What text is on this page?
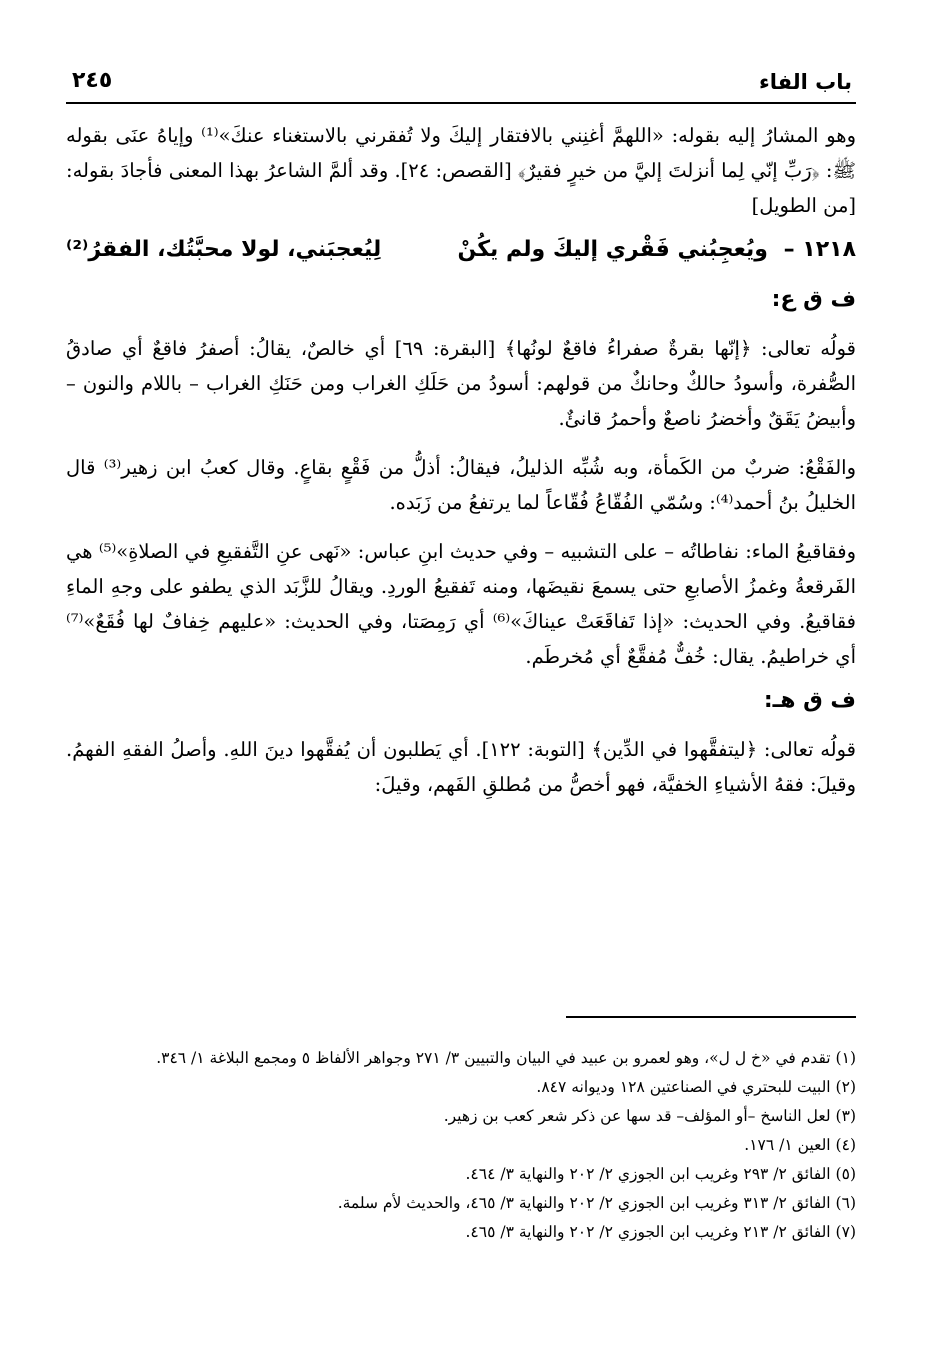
باب الفاء
٢٤٥

وهو المشارُ إليه بقوله: «اللهمَّ أغنِني بالافتقار إليكَ ولا تُفقرني بالاستغناء عنكَ»⁽¹⁾ وإياهُ عنَى بقوله ﷺ: ﴿رَبِّ إنّي لِما أنزلتَ إليَّ من خيرٍ فقيرٌ﴾ [القصص: ٢٤]. وقد ألمَّ الشاعرُ بهذا المعنى فأجادَ بقوله: [من الطويل]

١٢١٨ – ويُعجِبُني فَقْري إليكَ ولم يكُنْ
لِيُعجبَني، لولا محبَّتُك، الفقرُ⁽²⁾
ف ق ع:

قولُه تعالى: ﴿إنّها بقرةٌ صفراءُ فاقعٌ لونُها﴾ [البقرة: ٦٩] أي خالصٌ، يقالُ: أصفرُ فاقعٌ أي صادقُ الصُّفرة، وأسودُ حالكٌ وحانكٌ من قولهم: أسودُ من حَلَكِ الغراب ومن حَنَكِ الغراب – باللام والنون – وأبيضُ يَقَقٌ وأخضرُ ناصعٌ وأحمرُ قانئٌ.

والفَقْعُ: ضربٌ من الكَمأة، وبه شُبِّه الذليلُ، فيقالُ: أذلُّ من فَقْعٍ بقاعٍ. وقال كعبُ ابن زهير⁽³⁾ قال الخليلُ بنُ أحمد⁽⁴⁾: وسُمّي الفُقّاعُ فُقّاعاً لما يرتفعُ من زَبَده.

وفقاقيعُ الماء: نفاطاتُه – على التشبيه – وفي حديث ابنِ عباس: «نَهى عنِ التَّفقيعِ في الصلاةِ»⁽⁵⁾ هي الفَرقعةُ وغمزُ الأصابعِ حتى يسمعَ نقيضَها، ومنه تَفقيعُ الوردِ. ويقالُ للزَّبَد الذي يطفو على وجهِ الماءِ فقاقيعُ. وفي الحديث: «إذا تَفاقَعَتْ عيناكَ»⁽⁶⁾ أي رَمِصَتا، وفي الحديث: «عليهم خِفافٌ لها فُقَعٌ»⁽⁷⁾ أي خراطيمُ. يقال: خُفٌّ مُفقَّعٌ أي مُخرطَم.

ف ق هـ:

قولُه تعالى: ﴿ليتفقَّهوا في الدِّين﴾ [التوبة: ١٢٢]. أي يَطلبون أن يُفقَّهوا دينَ اللهِ. وأصلُ الفقهِ الفهمُ. وقيلَ: فقهُ الأشياءِ الخفيَّة، فهو أخصُّ من مُطلقِ الفَهم، وقيلَ:

(١) تقدم في «خ ل ل»، وهو لعمرو بن عبيد في البيان والتبيين ٣/ ٢٧١ وجواهر الألفاظ ٥ ومجمع البلاغة ١/ ٣٤٦.

(٢) البيت للبحتري في الصناعتين ١٢٨ وديوانه ٨٤٧.

(٣) لعل الناسخ –أو المؤلف– قد سها عن ذكر شعر كعب بن زهير.

(٤) العين ١/ ١٧٦.

(٥) الفائق ٢/ ٢٩٣ وغريب ابن الجوزي ٢/ ٢٠٢ والنهاية ٣/ ٤٦٤.

(٦) الفائق ٢/ ٣١٣ وغريب ابن الجوزي ٢/ ٢٠٢ والنهاية ٣/ ٤٦٥، والحديث لأم سلمة.

(٧) الفائق ٢/ ٢١٣ وغريب ابن الجوزي ٢/ ٢٠٢ والنهاية ٣/ ٤٦٥.
